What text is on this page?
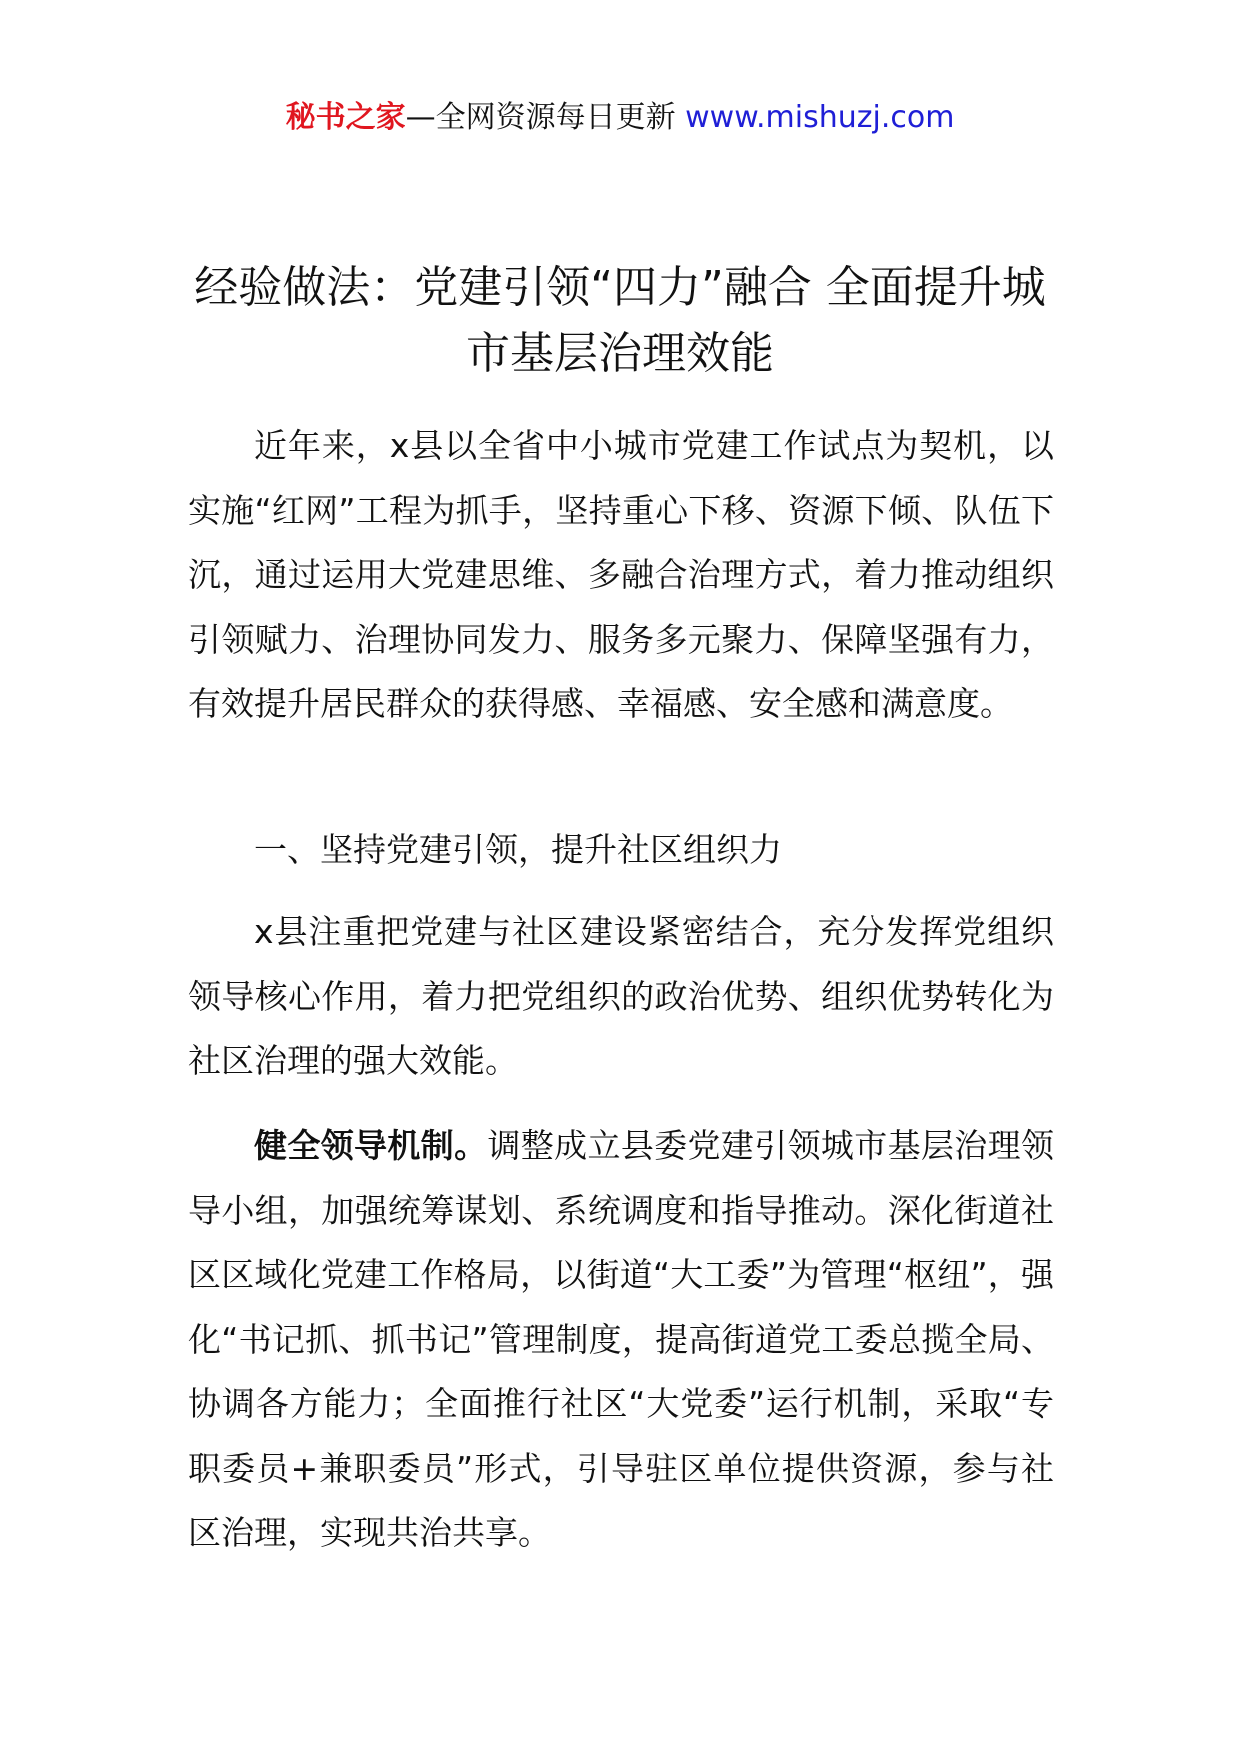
秘书之家—全网资源每日更新 www.mishuzj.com
经验做法：党建引领“四力”融合 全面提升城市基层治理效能

近年来，x县以全省中小城市党建工作试点为契机，以实施“红网”工程为抓手，坚持重心下移、资源下倾、队伍下沉，通过运用大党建思维、多融合治理方式，着力推动组织引领赋力、治理协同发力、服务多元聚力、保障坚强有力，有效提升居民群众的获得感、幸福感、安全感和满意度。

一、坚持党建引领，提升社区组织力

x县注重把党建与社区建设紧密结合，充分发挥党组织领导核心作用，着力把党组织的政治优势、组织优势转化为社区治理的强大效能。

健全领导机制。调整成立县委党建引领城市基层治理领导小组，加强统筹谋划、系统调度和指导推动。深化街道社区区域化党建工作格局，以街道“大工委”为管理“枢纽”，强化“书记抓、抓书记”管理制度，提高街道党工委总揽全局、协调各方能力；全面推行社区“大党委”运行机制，采取“专职委员+兼职委员”形式，引导驻区单位提供资源，参与社区治理，实现共治共享。
